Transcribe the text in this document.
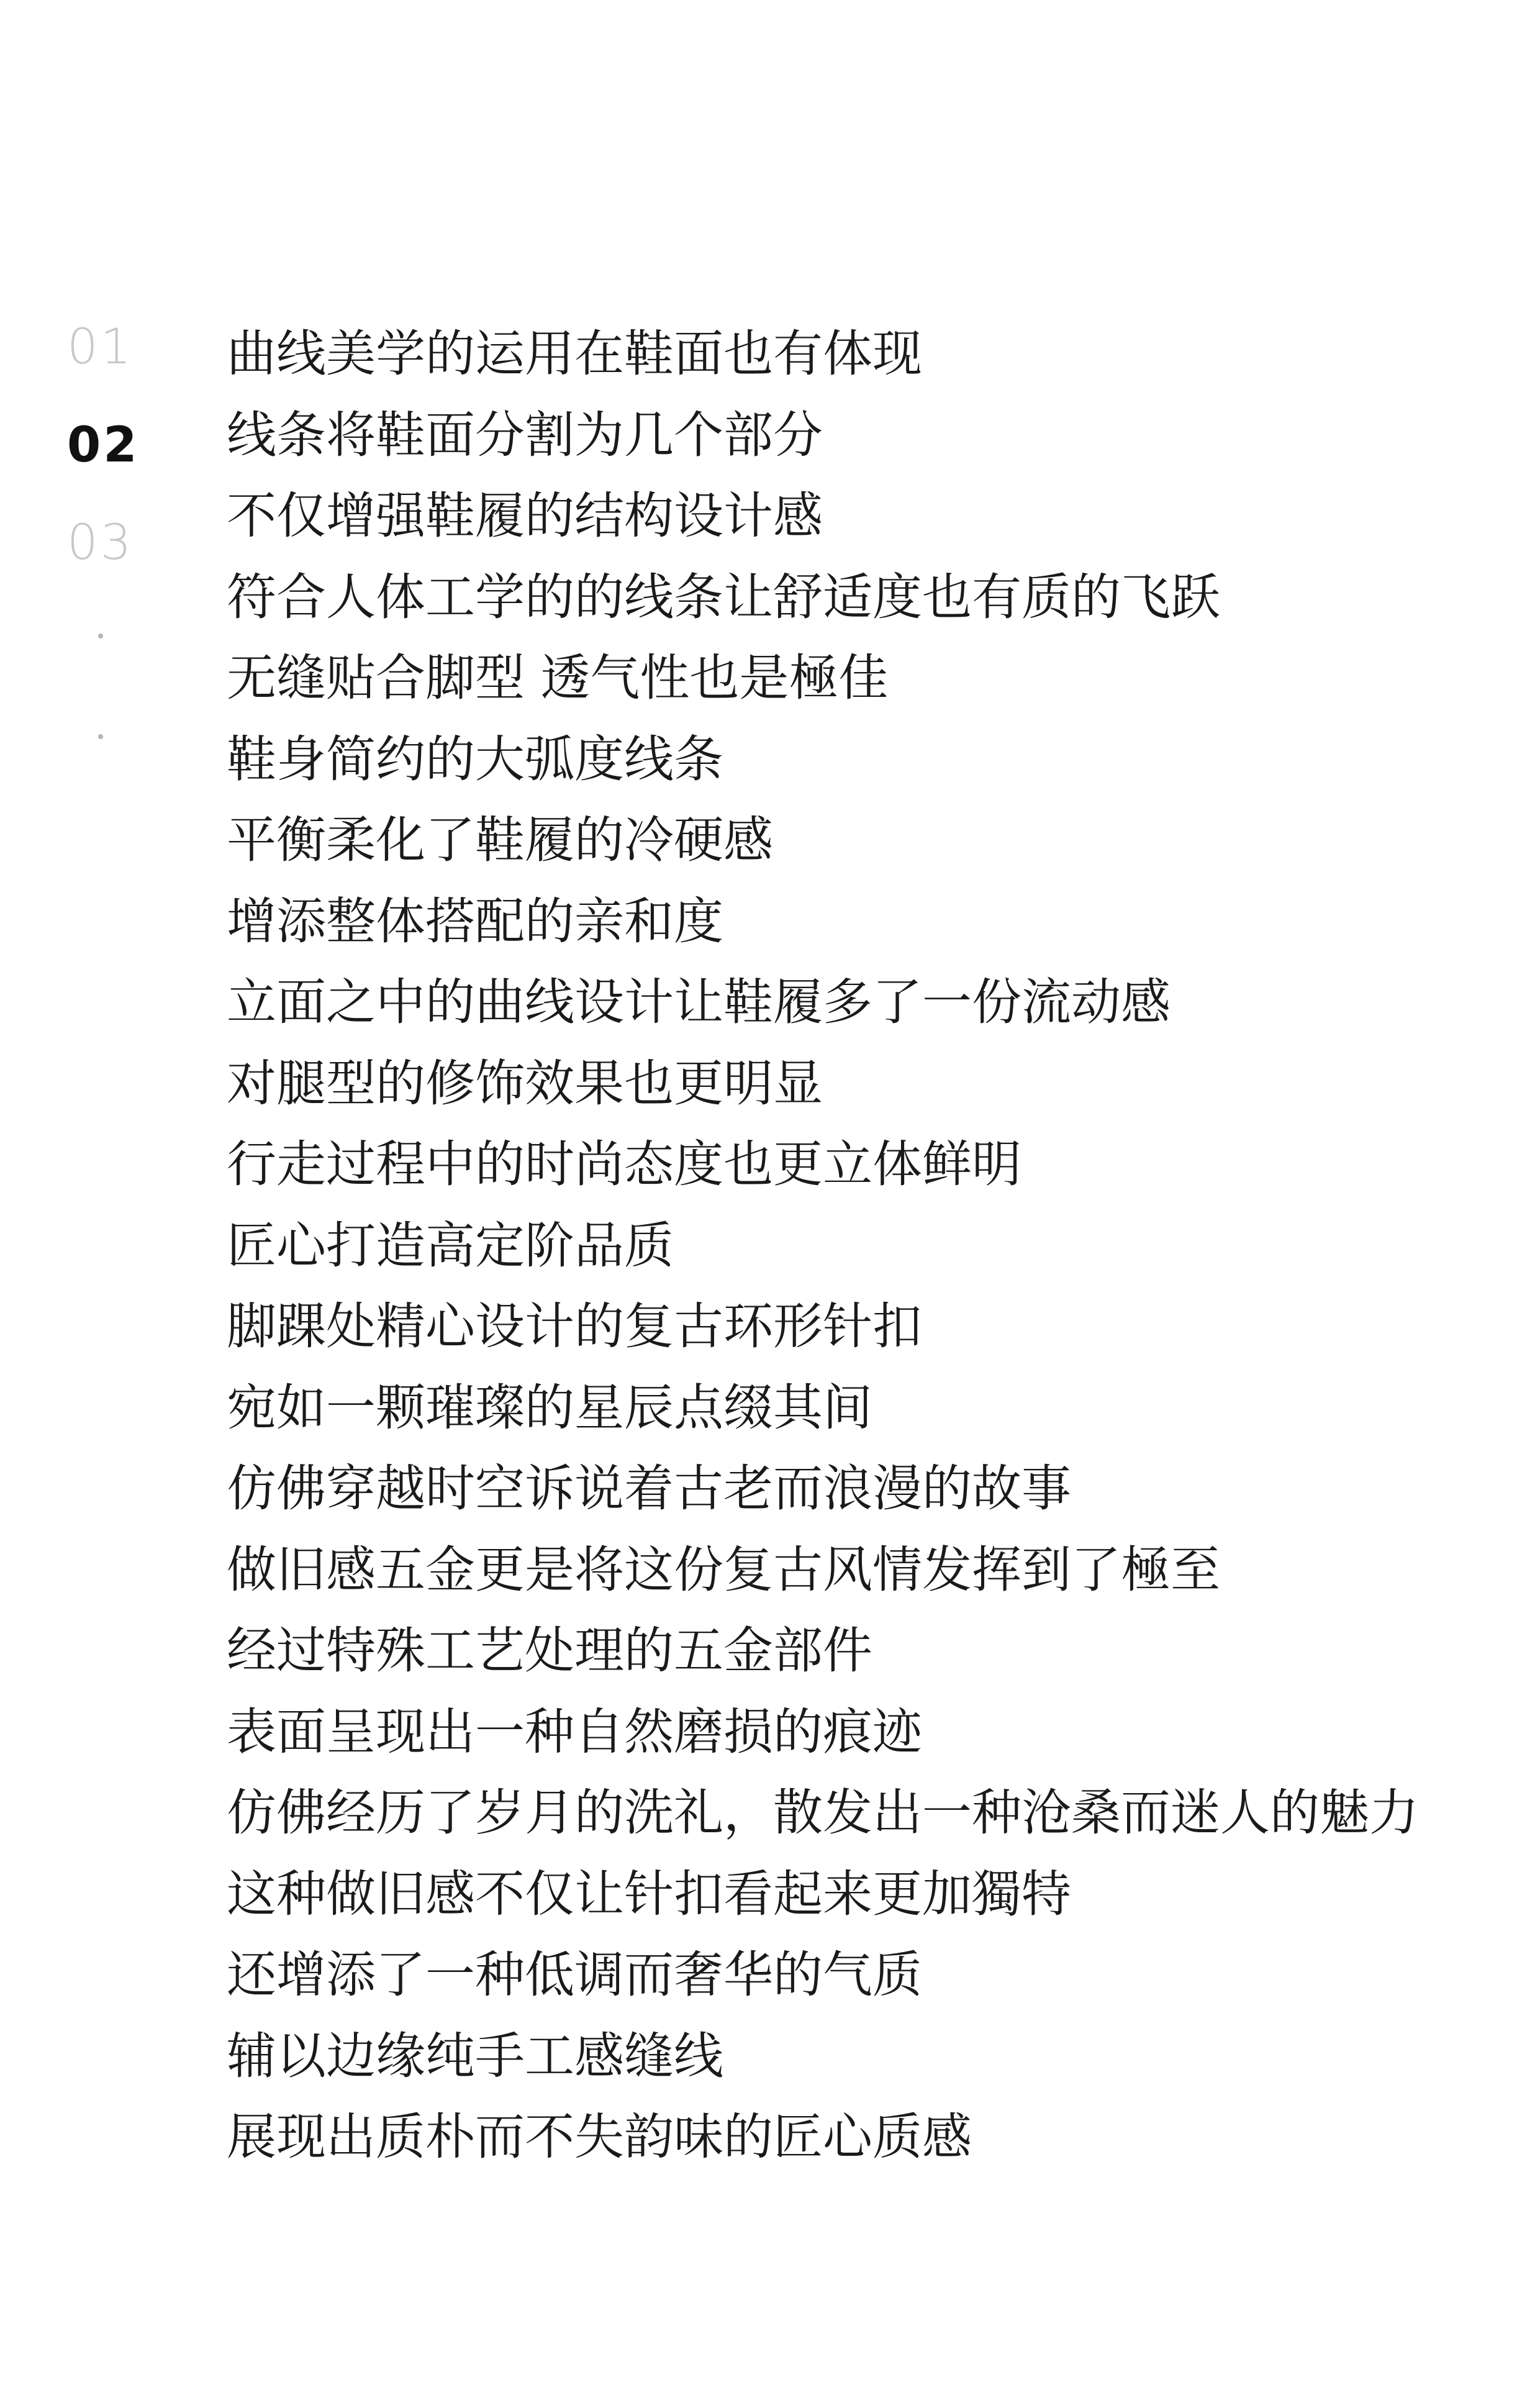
01
02
03
曲线美学的运用在鞋面也有体现
线条将鞋面分割为几个部分
不仅增强鞋履的结构设计感
符合人体工学的的线条让舒适度也有质的飞跃
无缝贴合脚型 透气性也是極佳
鞋身简约的大弧度线条
平衡柔化了鞋履的冷硬感
增添整体搭配的亲和度
立面之中的曲线设计让鞋履多了一份流动感
对腿型的修饰效果也更明显
行走过程中的时尚态度也更立体鲜明
匠心打造高定阶品质
脚踝处精心设计的复古环形针扣
宛如一颗璀璨的星辰点缀其间
仿佛穿越时空诉说着古老而浪漫的故事
做旧感五金更是将这份复古风情发挥到了極至
经过特殊工艺处理的五金部件
表面呈现出一种自然磨损的痕迹
仿佛经历了岁月的洗礼，散发出一种沧桑而迷人的魅力
这种做旧感不仅让针扣看起来更加獨特
还增添了一种低调而奢华的气质
辅以边缘纯手工感缝线
展现出质朴而不失韵味的匠心质感
